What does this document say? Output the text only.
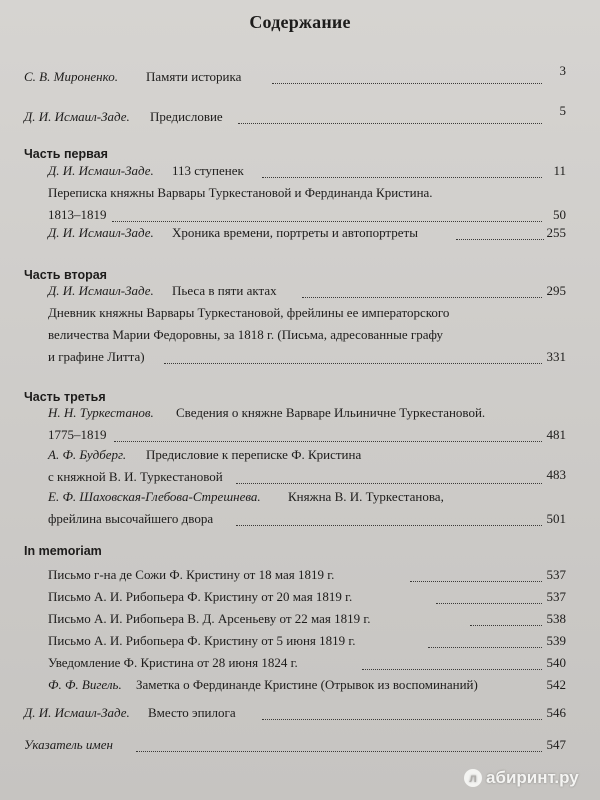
Содержание
С. В. Мироненко. Памяти историка	3
Д. И. Исмаил-Заде. Предисловие	5
Часть первая
Д. И. Исмаил-Заде. 113 ступенек	11
Переписка княжны Варвары Туркестановой и Фердинанда Кристина.
1813–1819	50
Д. И. Исмаил-Заде. Хроника времени, портреты и автопортреты	255
Часть вторая
Д. И. Исмаил-Заде. Пьеса в пяти актах	295
Дневник княжны Варвары Туркестановой, фрейлины ее императорского
величества Марии Федоровны, за 1818 г. (Письма, адресованные графу
и графине Литта)	331
Часть третья
Н. Н. Туркестанов. Сведения о княжне Варваре Ильиничне Туркестановой.
1775–1819	481
А. Ф. Будберг. Предисловие к переписке Ф. Кристина
с княжной В. И. Туркестановой	483
Е. Ф. Шаховская-Глебова-Стрешнева. Княжна В. И. Туркестанова,
фрейлина высочайшего двора	501
In memoriam
Письмо г-на де Сожи Ф. Кристину от 18 мая 1819 г.	537
Письмо А. И. Рибопьера Ф. Кристину от 20 мая 1819 г.	537
Письмо А. И. Рибопьера В. Д. Арсеньеву от 22 мая 1819 г.	538
Письмо А. И. Рибопьера Ф. Кристину от 5 июня 1819 г.	539
Уведомление Ф. Кристина от 28 июня 1824 г.	540
Ф. Ф. Вигель. Заметка о Фердинанде Кристине (Отрывок из воспоминаний)	542
Д. И. Исмаил-Заде. Вместо эпилога	546
Указатель имен	547
л абиринт.ру
